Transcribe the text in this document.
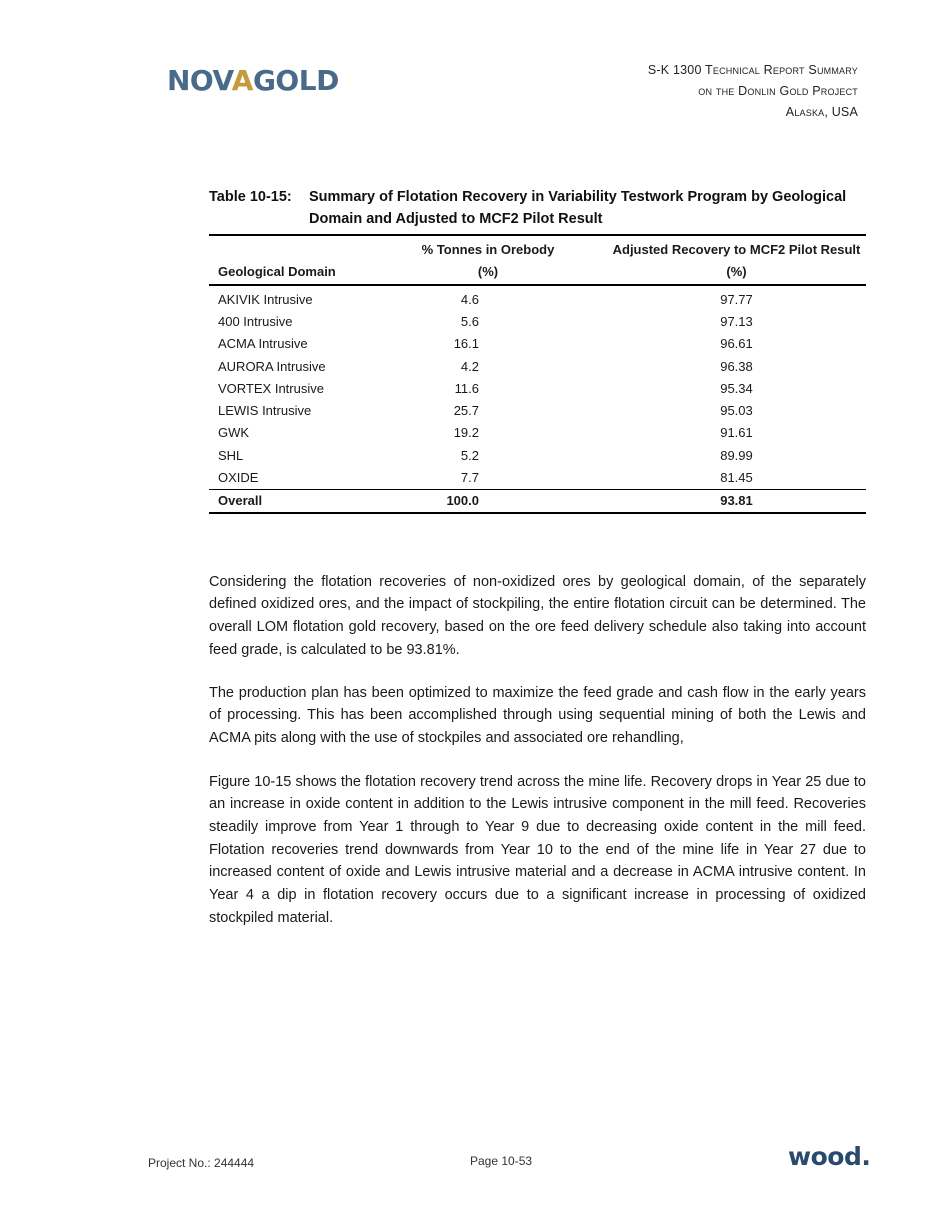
NOVAGOLD	S-K 1300 Technical Report Summary
on the Donlin Gold Project
Alaska, USA
Table 10-15: Summary of Flotation Recovery in Variability Testwork Program by Geological
Domain and Adjusted to MCF2 Pilot Result
	% Tonnes in Orebody	Adjusted Recovery to MCF2 Pilot Result
Geological Domain	(%)	(%)
AKIVIK Intrusive	4.6	97.77
400 Intrusive	5.6	97.13
ACMA Intrusive	16.1	96.61
AURORA Intrusive	4.2	96.38
VORTEX Intrusive	11.6	95.34
LEWIS Intrusive	25.7	95.03
GWK	19.2	91.61
SHL	5.2	89.99
OXIDE	7.7	81.45
Overall	100.0	93.81

Considering the flotation recoveries of non-oxidized ores by geological domain, of the separately defined oxidized ores, and the impact of stockpiling, the entire flotation circuit can be determined. The overall LOM flotation gold recovery, based on the ore feed delivery schedule also taking into account feed grade, is calculated to be 93.81%.

The production plan has been optimized to maximize the feed grade and cash flow in the early years of processing. This has been accomplished through using sequential mining of both the Lewis and ACMA pits along with the use of stockpiles and associated ore rehandling,

Figure 10-15 shows the flotation recovery trend across the mine life. Recovery drops in Year 25 due to an increase in oxide content in addition to the Lewis intrusive component in the mill feed. Recoveries steadily improve from Year 1 through to Year 9 due to decreasing oxide content in the mill feed. Flotation recoveries trend downwards from Year 10 to the end of the mine life in Year 27 due to increased content of oxide and Lewis intrusive material and a decrease in ACMA intrusive content. In Year 4 a dip in flotation recovery occurs due to a significant increase in processing of oxidized stockpiled material.

Project No.: 244444	Page 10-53	wood.
